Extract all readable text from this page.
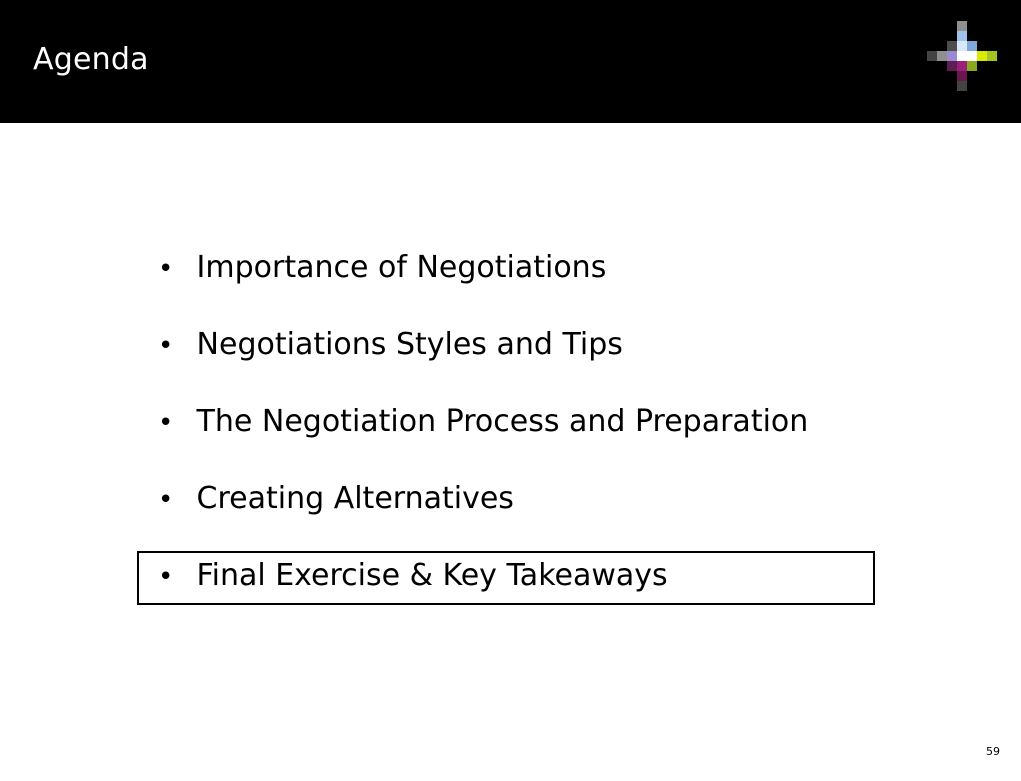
Agenda
• Importance of Negotiations
• Negotiations Styles and Tips
• The Negotiation Process and Preparation
• Creating Alternatives
• Final Exercise & Key Takeaways
59
